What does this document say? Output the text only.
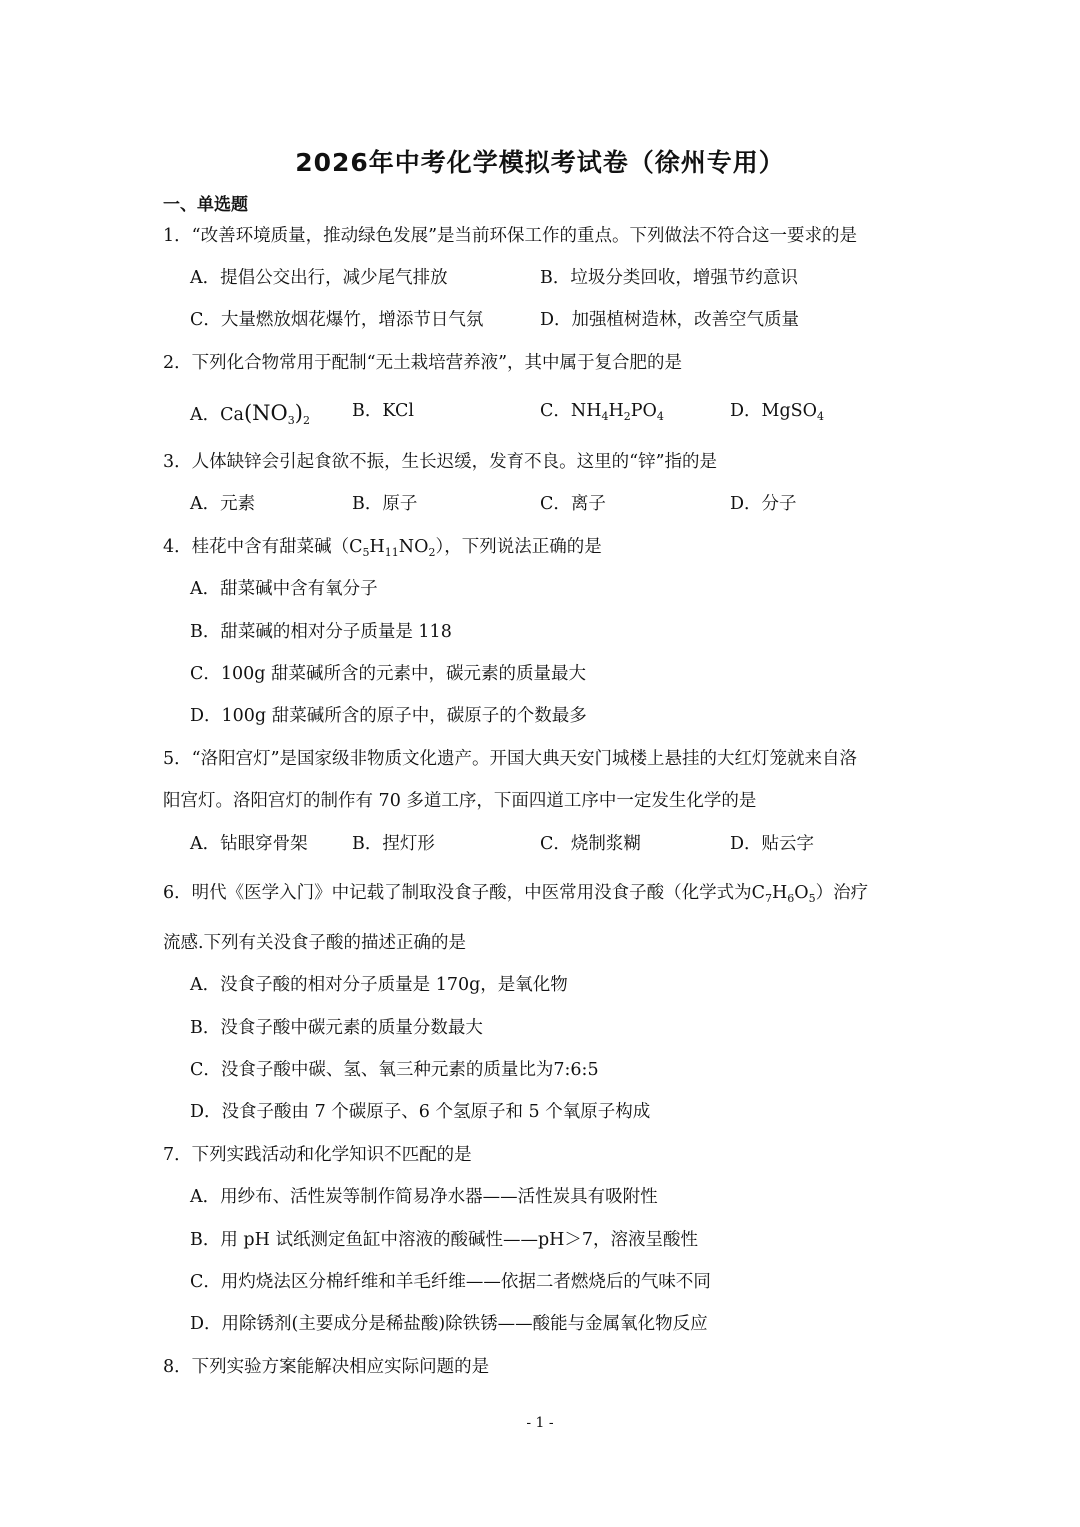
2026年中考化学模拟考试卷（徐州专用）
一、单选题
1．“改善环境质量，推动绿色发展”是当前环保工作的重点。下列做法不符合这一要求的是
A．提倡公交出行，减少尾气排放	B．垃圾分类回收，增强节约意识
C．大量燃放烟花爆竹，增添节日气氛	D．加强植树造林，改善空气质量
2．下列化合物常用于配制“无土栽培营养液”，其中属于复合肥的是
A．$Ca(NO_3)_2$ B．KCl	C．$NH_4H_2PO_4$	D．MgSO$_4$
3．人体缺锌会引起食欲不振，生长迟缓，发育不良。这里的“锌”指的是
A．元素	B．原子	C．离子	D．分子
4．桂花中含有甜菜碱$(C_5H_{11}NO_2)$，下列说法正确的是
A．甜菜碱中含有氧分子
B．甜菜碱的相对分子质量是 118
C．100g 甜菜碱所含的元素中，碳元素的质量最大
D．100g 甜菜碱所含的原子中，碳原子的个数最多
5．“洛阳宫灯”是国家级非物质文化遗产。开国大典天安门城楼上悬挂的大红灯笼就来自洛
阳宫灯。洛阳宫灯的制作有 70 多道工序，下面四道工序中一定发生化学的是
A．钻眼穿骨架	B．捏灯形	C．烧制浆糊	D．贴云字
6．明代《医学入门》中记载了制取没食子酸，中医常用没食子酸（化学式为$C_7H_6O_5$）治疗
流感.下列有关没食子酸的描述正确的是
A．没食子酸的相对分子质量是 170g，是氧化物
B．没食子酸中碳元素的质量分数最大
C．没食子酸中碳、氢、氧三种元素的质量比为7:6:5
D．没食子酸由 7 个碳原子、6 个氢原子和 5 个氧原子构成
7．下列实践活动和化学知识不匹配的是
A．用纱布、活性炭等制作简易净水器——活性炭具有吸附性
B．用 pH 试纸测定鱼缸中溶液的酸碱性——pH＞7，溶液呈酸性
C．用灼烧法区分棉纤维和羊毛纤维——依据二者燃烧后的气味不同
D．用除锈剂(主要成分是稀盐酸)除铁锈——酸能与金属氧化物反应
8．下列实验方案能解决相应实际问题的是
- 1 -
